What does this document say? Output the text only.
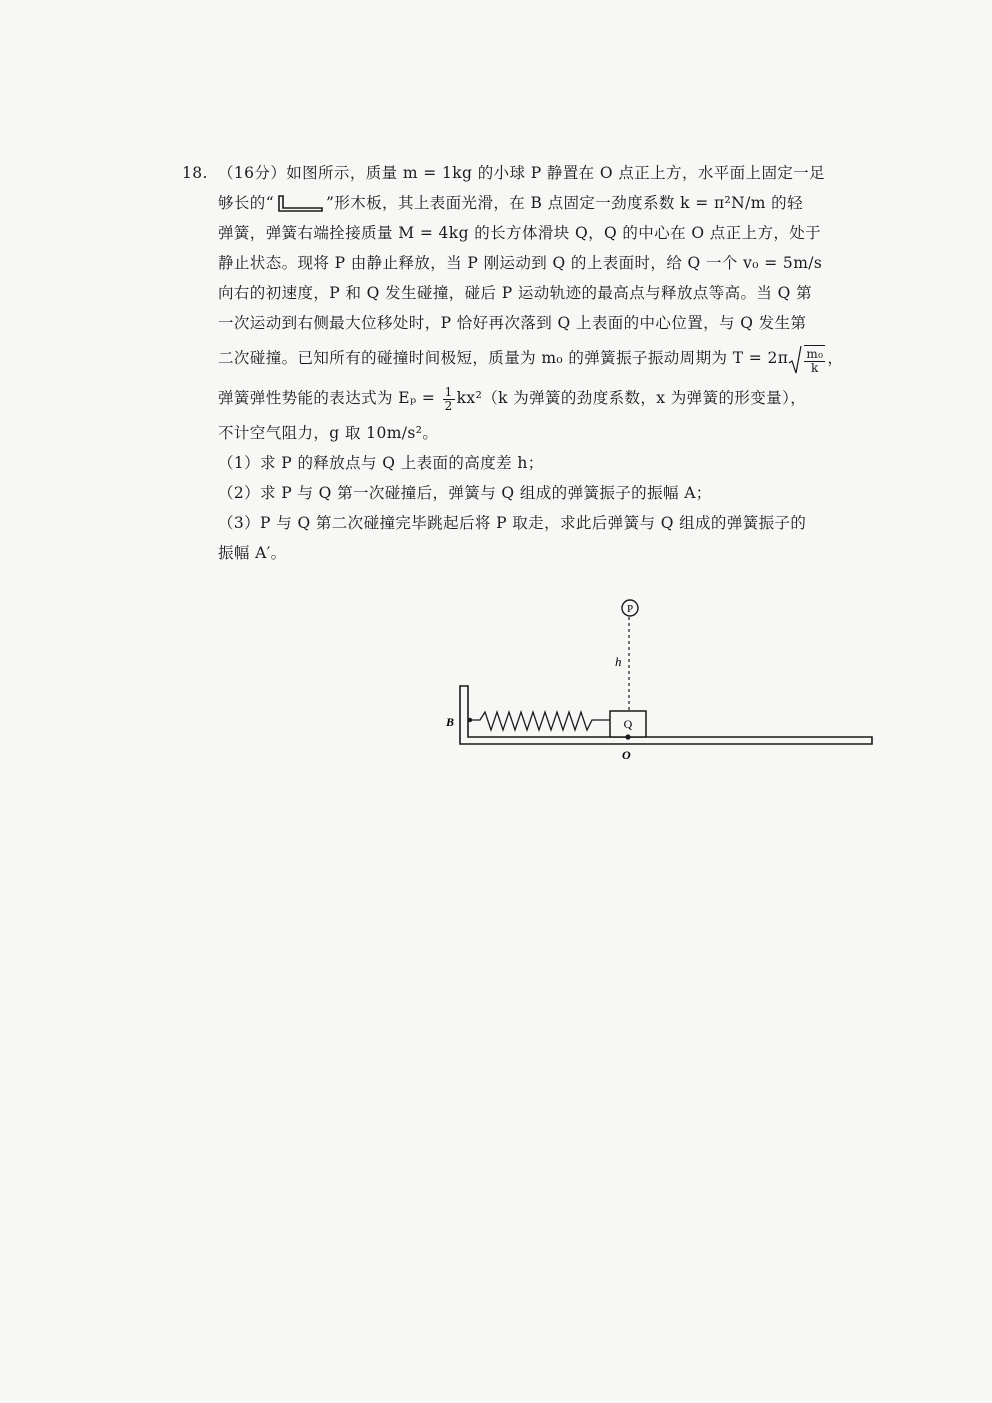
18. （16分）如图所示，质量 m = 1kg 的小球 P 静置在 O 点正上方，水平面上固定一足
够长的“	”形木板，其上表面光滑，在 B 点固定一劲度系数 k = π²N/m 的轻
弹簧，弹簧右端拴接质量 M = 4kg 的长方体滑块 Q，Q 的中心在 O 点正上方，处于
静止状态。现将 P 由静止释放，当 P 刚运动到 Q 的上表面时，给 Q 一个 v₀ = 5m/s
向右的初速度，P 和 Q 发生碰撞，碰后 P 运动轨迹的最高点与释放点等高。当 Q 第
一次运动到右侧最大位移处时，P 恰好再次落到 Q 上表面的中心位置，与 Q 发生第
二次碰撞。已知所有的碰撞时间极短，质量为 m₀ 的弹簧振子振动周期为 $T = 2\pi \frac{\text{m₀}}{k}$ ，
弹簧弹性势能的表达式为 $E_p = \frac{1}{2} kx^2(k$ 为弹簧的劲度系数，x 为弹簧的形变量），
不计空气阻力，g 取 10m/s²。
（1）求 P 的释放点与 Q 上表面的高度差 h；
（2）求 P 与 Q 第一次碰撞后，弹簧与 Q 组成的弹簧振子的振幅 A；
（3）P 与 Q 第二次碰撞完毕跳起后将 P 取走，求此后弹簧与 Q 组成的弹簧振子的
振幅 A′。
P
h
B	Q
O
